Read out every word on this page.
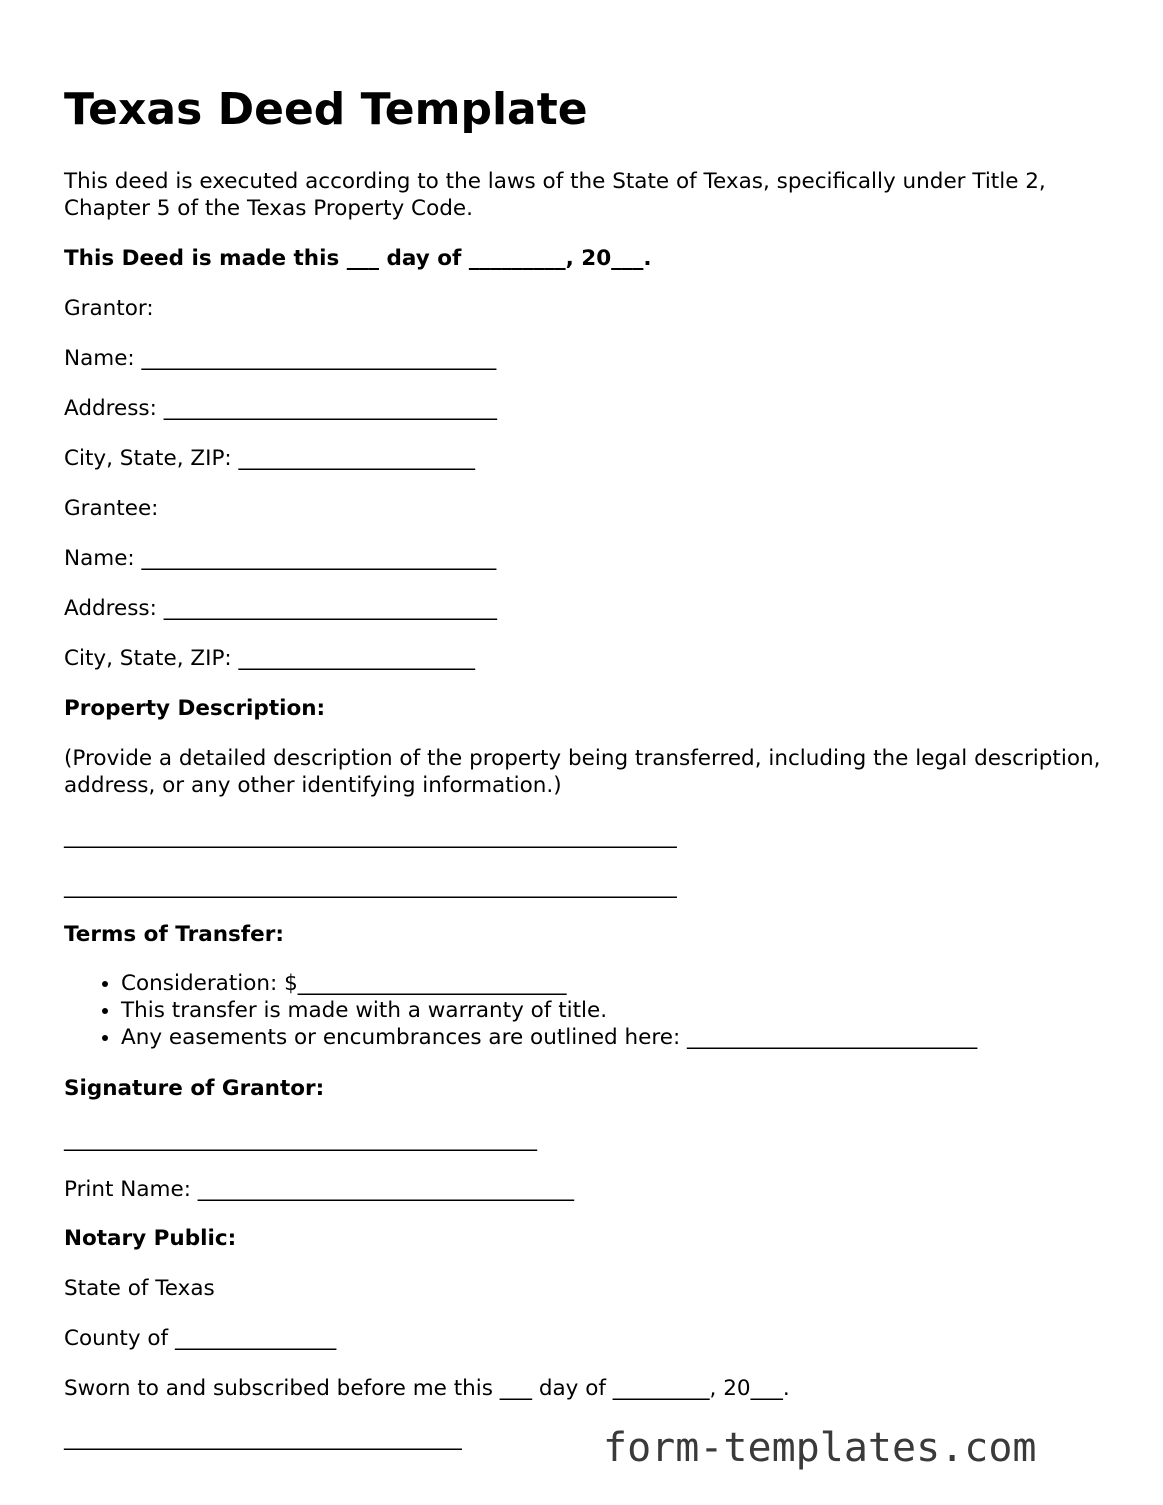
Texas Deed Template

This deed is executed according to the laws of the State of Texas, specifically under Title 2, Chapter 5 of the Texas Property Code.

This Deed is made this ___ day of _________, 20___.

Grantor:

Name: _________________________________

Address: _______________________________

City, State, ZIP: ______________________

Grantee:

Name: _________________________________

Address: _______________________________

City, State, ZIP: ______________________

Property Description:

(Provide a detailed description of the property being transferred, including the legal description, address, or any other identifying information.)

_________________________________________________________

_________________________________________________________

Terms of Transfer:

• Consideration: $_________________________
• This transfer is made with a warranty of title.
• Any easements or encumbrances are outlined here: ___________________________

Signature of Grantor:

____________________________________________

Print Name: ___________________________________

Notary Public:

State of Texas

County of _______________

Sworn to and subscribed before me this ___ day of _________, 20___.

_____________________________________	form-templates.com
